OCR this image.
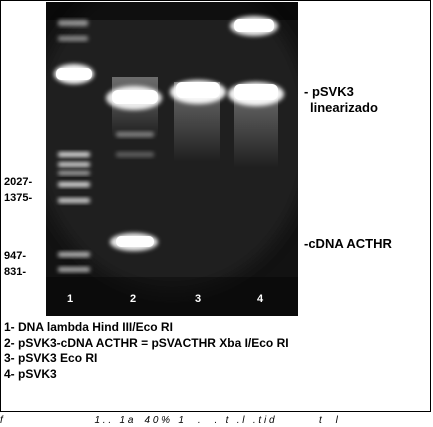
2027-
1375-
947-
831-
- pSVK3
linearizado
-cDNA ACTHR
1	2	3	4
1- DNA lambda Hind III/Eco RI
2- pSVK3-cDNA ACTHR = pSVACTHR Xba I/Eco RI
3- pSVK3 Eco RI
4- pSVK3
f                                 1 . .   1 a    4 0 %   1     .     .   t   . l   . t i d                t     l
